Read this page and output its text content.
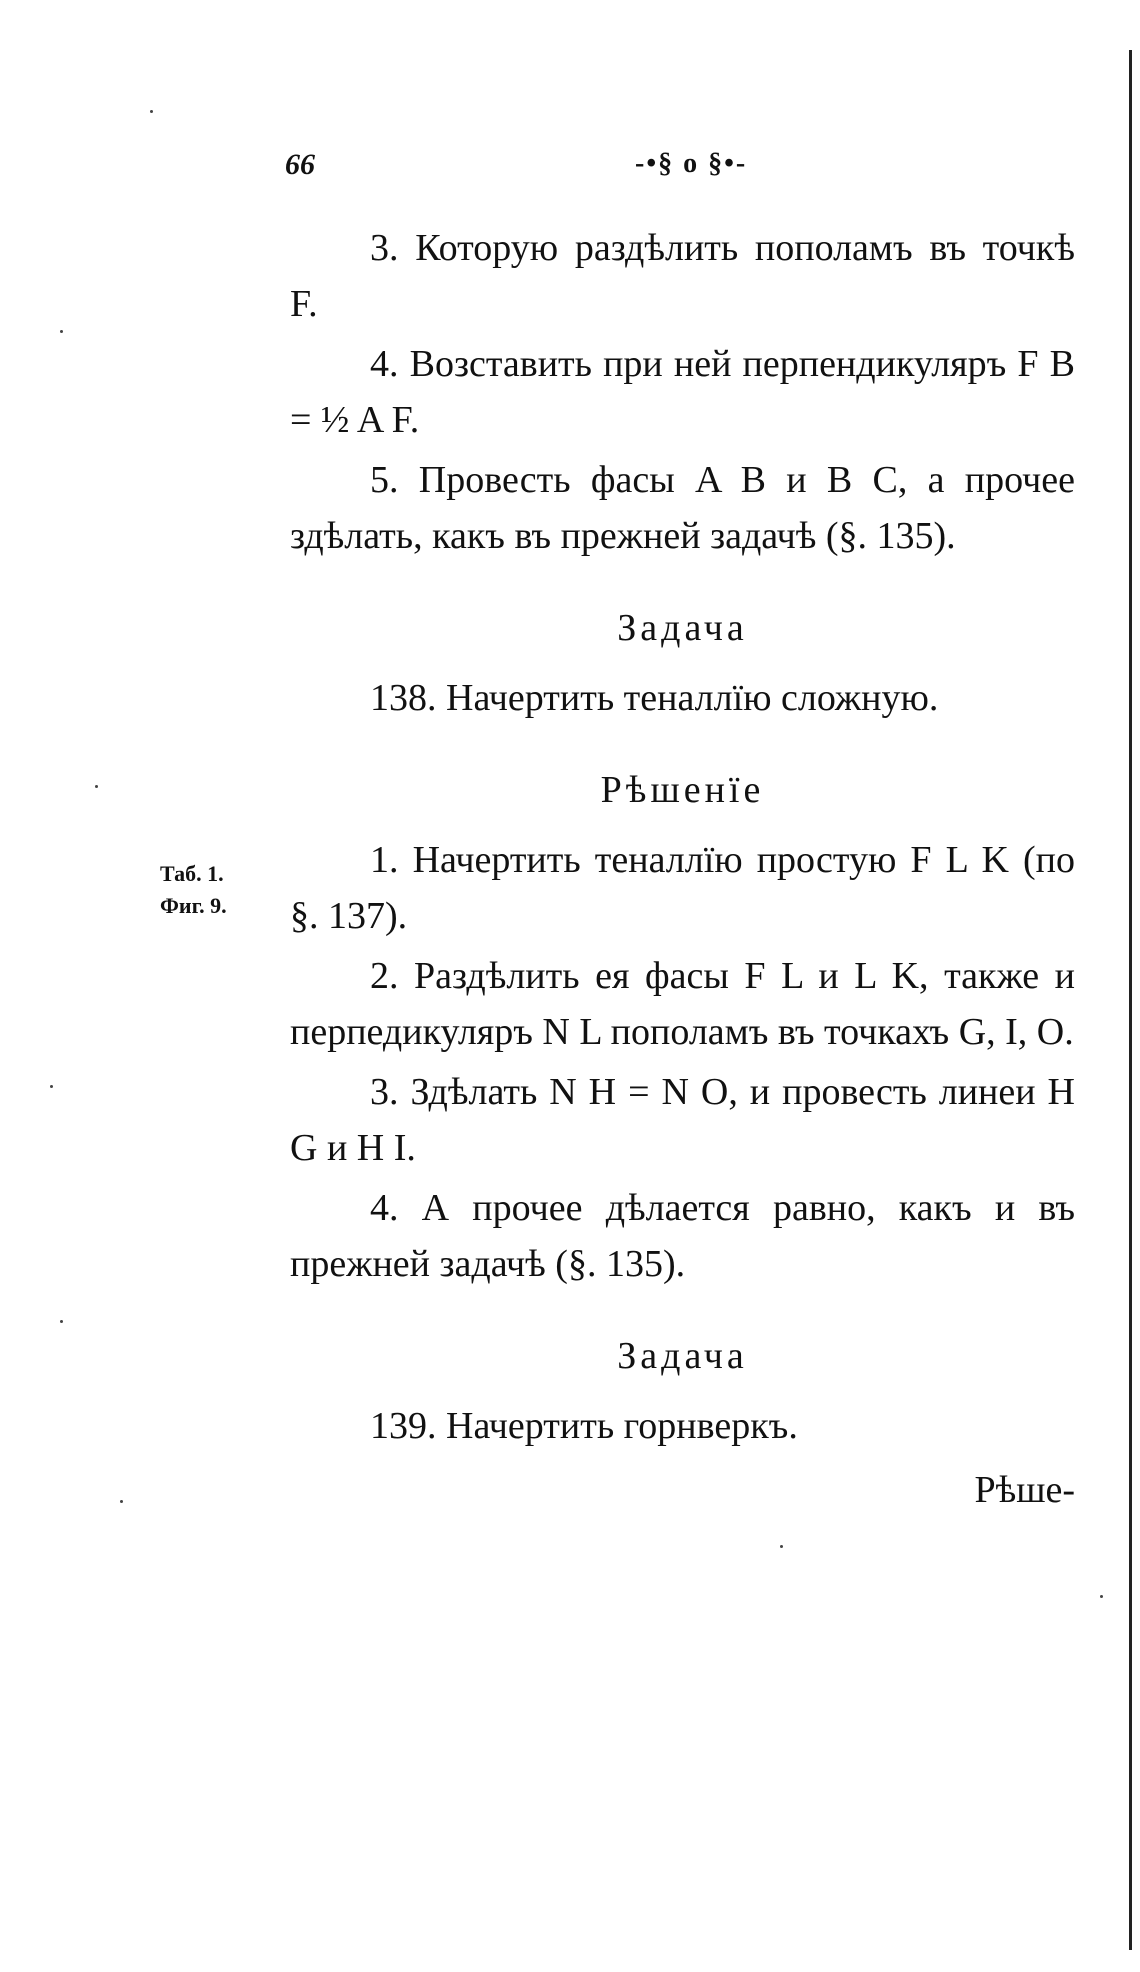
66	-•§ o §•-
Таб. 1.
Фиг. 9.

3. Которую раздѣлить пополамъ въ точкѣ F.

4. Возставить при ней перпендикуляръ F B = ½ A F.

5. Провесть фасы A B и B C, а прочее здѣлать, какъ въ прежней задачѣ (§. 135).

Задача

138. Начертить теналлїю сложную.

Рѣшенїе

1. Начертить теналлїю простую F L K (по §. 137).

2. Раздѣлить ея фасы F L и L K, также и перпедикуляръ N L пополамъ въ точкахъ G, I, O.

3. Здѣлать N H = N O, и провесть линеи H G и H I.

4. А прочее дѣлается равно, какъ и въ прежней задачѣ (§. 135).

Задача

139. Начертить горнверкъ.

Рѣше-
